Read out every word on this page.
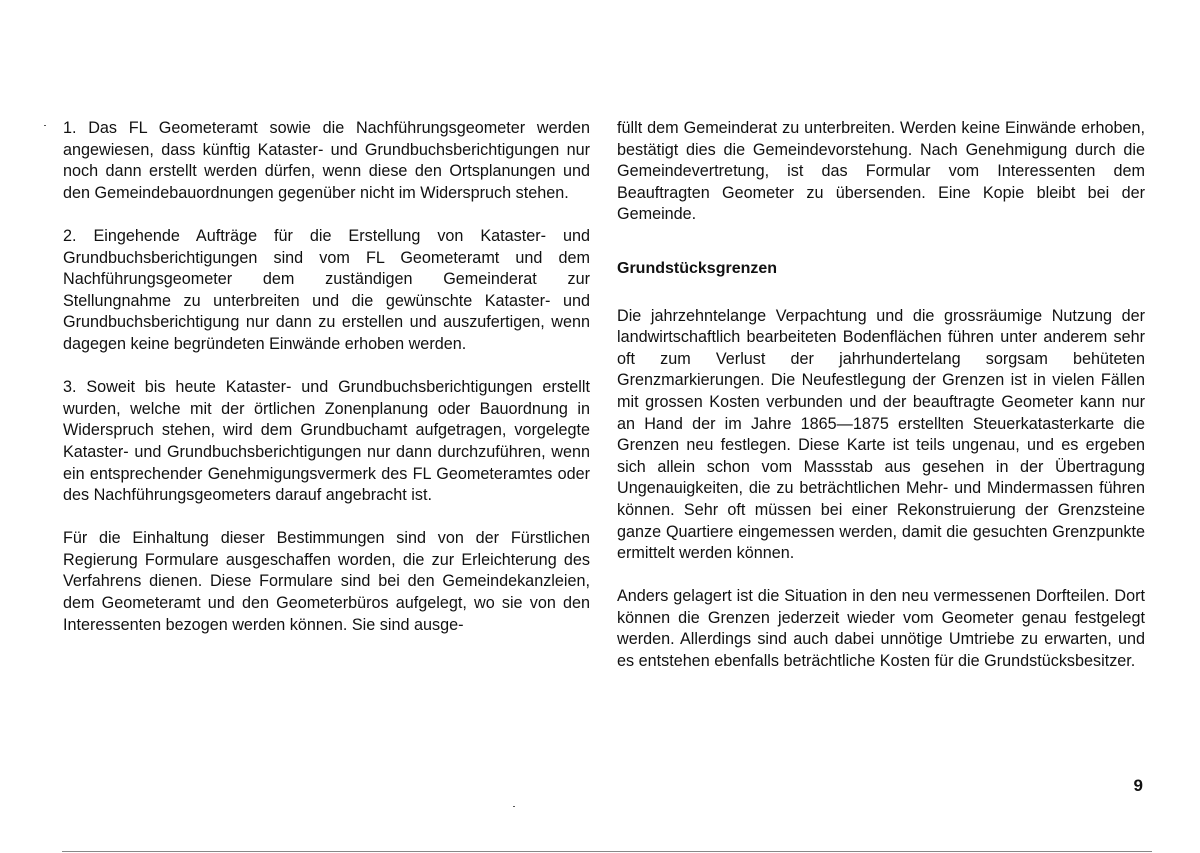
1. Das FL Geometeramt sowie die Nachführungsgeometer werden angewiesen, dass künftig Kataster- und Grundbuchsberichtigungen nur noch dann erstellt werden dürfen, wenn diese den Ortsplanungen und den Gemeindebauordnungen gegenüber nicht im Widerspruch stehen.

2. Eingehende Aufträge für die Erstellung von Kataster- und Grundbuchsberichtigungen sind vom FL Geometeramt und dem Nachführungsgeometer dem zuständigen Gemeinderat zur Stellungnahme zu unterbreiten und die gewünschte Kataster- und Grundbuchsberichtigung nur dann zu erstellen und auszufertigen, wenn dagegen keine begründeten Einwände erhoben werden.

3. Soweit bis heute Kataster- und Grundbuchsberichtigungen erstellt wurden, welche mit der örtlichen Zonenplanung oder Bauordnung in Widerspruch stehen, wird dem Grundbuchamt aufgetragen, vorgelegte Kataster- und Grundbuchsberichtigungen nur dann durchzuführen, wenn ein entsprechender Genehmigungsvermerk des FL Geometeramtes oder des Nachführungsgeometers darauf angebracht ist.

Für die Einhaltung dieser Bestimmungen sind von der Fürstlichen Regierung Formulare ausgeschaffen worden, die zur Erleichterung des Verfahrens dienen. Diese Formulare sind bei den Gemeindekanzleien, dem Geometeramt und den Geometerbüros aufgelegt, wo sie von den Interessenten bezogen werden können. Sie sind ausge-

füllt dem Gemeinderat zu unterbreiten. Werden keine Einwände erhoben, bestätigt dies die Gemeindevorstehung. Nach Genehmigung durch die Gemeindevertretung, ist das Formular vom Interessenten dem Beauftragten Geometer zu übersenden. Eine Kopie bleibt bei der Gemeinde.

Grundstücksgrenzen

Die jahrzehntelange Verpachtung und die grossräumige Nutzung der landwirtschaftlich bearbeiteten Bodenflächen führen unter anderem sehr oft zum Verlust der jahrhundertelang sorgsam behüteten Grenzmarkierungen. Die Neufestlegung der Grenzen ist in vielen Fällen mit grossen Kosten verbunden und der beauftragte Geometer kann nur an Hand der im Jahre 1865—1875 erstellten Steuerkatasterkarte die Grenzen neu festlegen. Diese Karte ist teils ungenau, und es ergeben sich allein schon vom Massstab aus gesehen in der Übertragung Ungenauigkeiten, die zu beträchtlichen Mehr- und Mindermassen führen können. Sehr oft müssen bei einer Rekonstruierung der Grenzsteine ganze Quartiere eingemessen werden, damit die gesuchten Grenzpunkte ermittelt werden können.

Anders gelagert ist die Situation in den neu vermessenen Dorfteilen. Dort können die Grenzen jederzeit wieder vom Geometer genau festgelegt werden. Allerdings sind auch dabei unnötige Umtriebe zu erwarten, und es entstehen ebenfalls beträchtliche Kosten für die Grundstücksbesitzer.

9
